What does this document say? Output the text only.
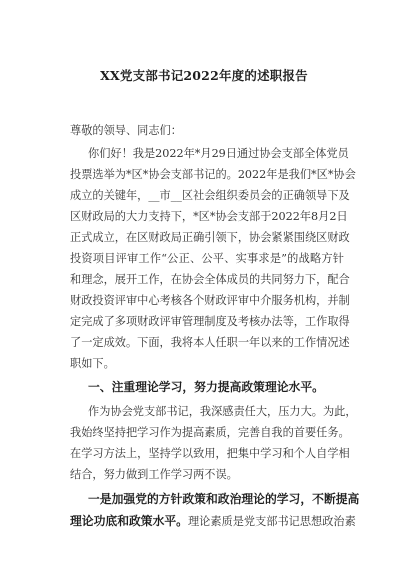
XX党支部书记2022年度的述职报告
尊敬的领导、同志们：
你们好！我是2022年*月29日通过协会支部全体党员
投票选举为*区*协会支部书记的。2022年是我们*区*协会
成立的关键年，__市__区社会组织委员会的正确领导下及
区财政局的大力支持下，*区*协会支部于2022年8月2日
正式成立，在区财政局正确引领下，协会紧紧围绕区财政
投资项目评审工作“公正、公平、实事求是”的战略方针
和理念，展开工作，在协会全体成员的共同努力下，配合
财政投资评审中心考核各个财政评审中介服务机构，并制
定完成了多项财政评审管理制度及考核办法等，工作取得
了一定成效。下面，我将本人任职一年以来的工作情况述
职如下。
一、注重理论学习，努力提高政策理论水平。
作为协会党支部书记，我深感责任大，压力大。为此，
我始终坚持把学习作为提高素质，完善自我的首要任务。
在学习方法上，坚持学以致用，把集中学习和个人自学相
结合，努力做到工作学习两不误。
一是加强党的方针政策和政治理论的学习，不断提高
理论功底和政策水平。理论素质是党支部书记思想政治素
